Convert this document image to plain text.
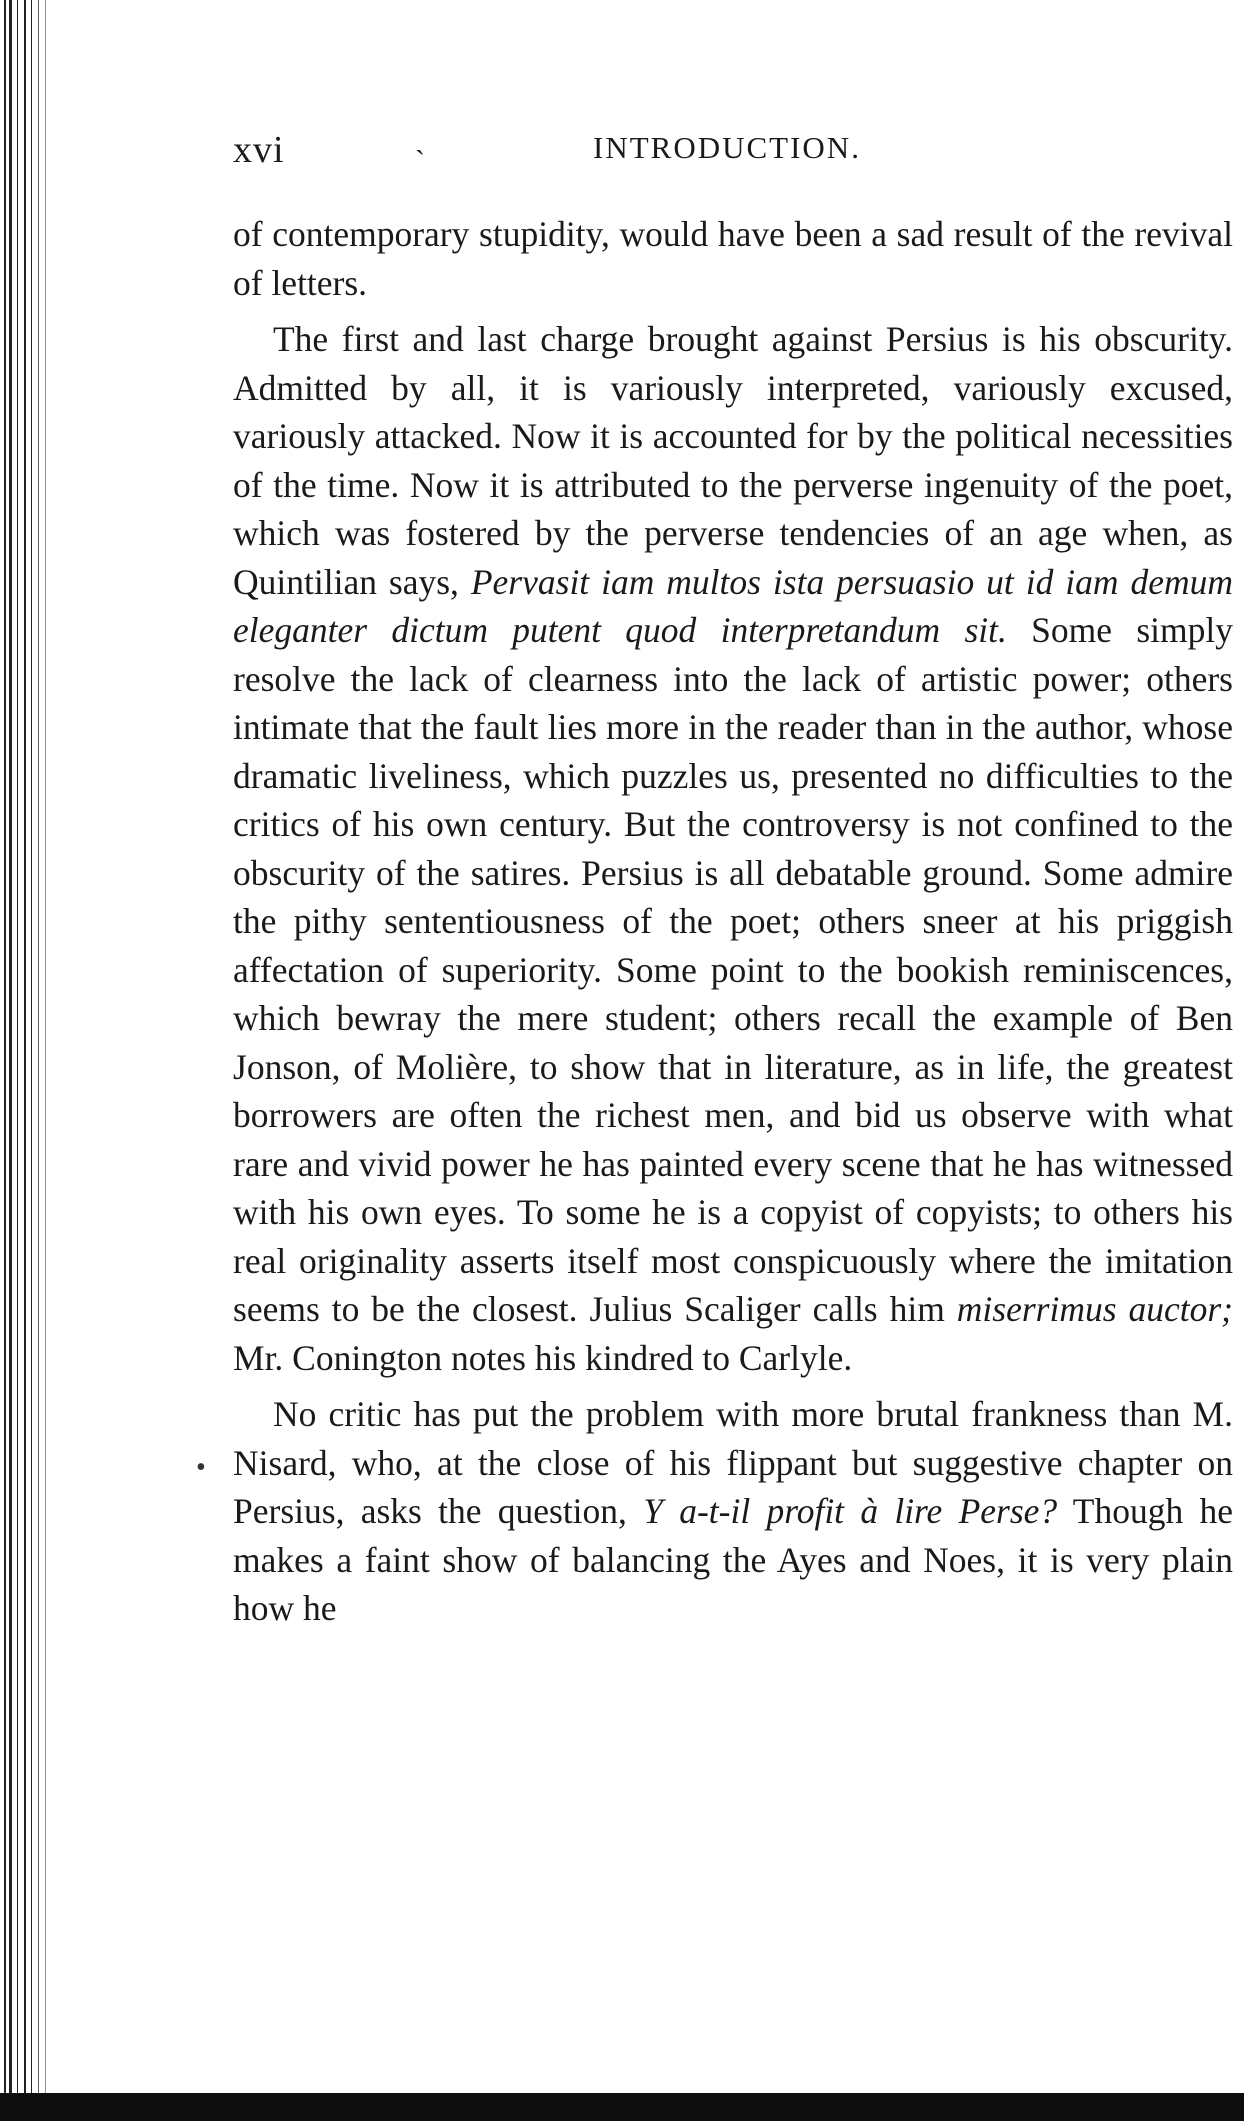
xvi	ˎ	INTRODUCTION.
•

of contemporary stupidity, would have been a sad result of the revival of letters.

The first and last charge brought against Persius is his obscurity. Admitted by all, it is variously interpreted, variously excused, variously attacked. Now it is accounted for by the political necessities of the time. Now it is attributed to the perverse ingenuity of the poet, which was fostered by the perverse tendencies of an age when, as Quintilian says, Pervasit iam multos ista persuasio ut id iam demum eleganter dictum putent quod interpretandum sit. Some simply resolve the lack of clearness into the lack of artistic power; others intimate that the fault lies more in the reader than in the author, whose dramatic liveliness, which puzzles us, presented no difficulties to the critics of his own century. But the controversy is not confined to the obscurity of the satires. Persius is all debatable ground. Some admire the pithy sententiousness of the poet; others sneer at his priggish affectation of superiority. Some point to the bookish reminiscences, which bewray the mere student; others recall the example of Ben Jonson, of Molière, to show that in literature, as in life, the greatest borrowers are often the richest men, and bid us observe with what rare and vivid power he has painted every scene that he has witnessed with his own eyes. To some he is a copyist of copyists; to others his real originality asserts itself most conspicuously where the imitation seems to be the closest. Julius Scaliger calls him miserrimus auctor; Mr. Conington notes his kindred to Carlyle.

No critic has put the problem with more brutal frankness than M. Nisard, who, at the close of his flippant but suggestive chapter on Persius, asks the question, Y a-t-il profit à lire Perse? Though he makes a faint show of balancing the Ayes and Noes, it is very plain how he
